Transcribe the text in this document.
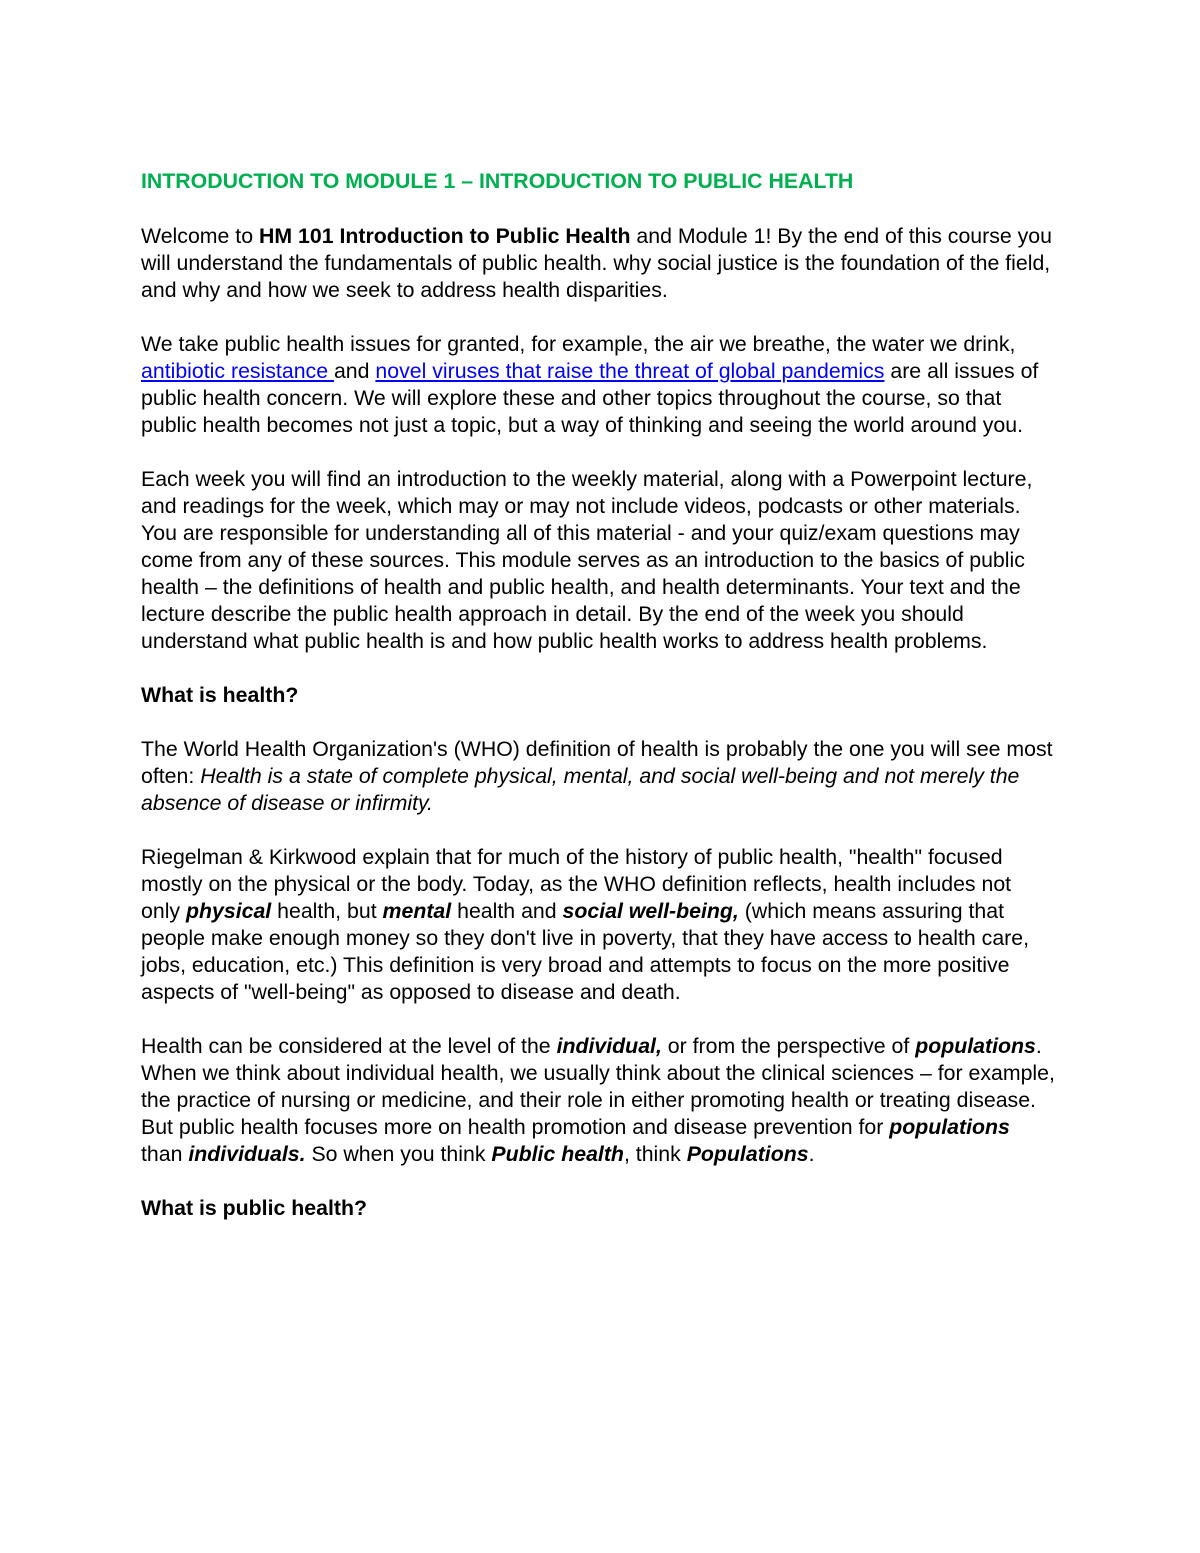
INTRODUCTION TO MODULE 1 – INTRODUCTION TO PUBLIC HEALTH

Welcome to HM 101 Introduction to Public Health and Module 1! By the end of this course you will understand the fundamentals of public health. why social justice is the foundation of the field, and why and how we seek to address health disparities.

We take public health issues for granted, for example, the air we breathe, the water we drink, antibiotic resistance and novel viruses that raise the threat of global pandemics are all issues of public health concern. We will explore these and other topics throughout the course, so that public health becomes not just a topic, but a way of thinking and seeing the world around you.

Each week you will find an introduction to the weekly material, along with a Powerpoint lecture, and readings for the week, which may or may not include videos, podcasts or other materials. You are responsible for understanding all of this material - and your quiz/exam questions may come from any of these sources. This module serves as an introduction to the basics of public health – the definitions of health and public health, and health determinants. Your text and the lecture describe the public health approach in detail. By the end of the week you should understand what public health is and how public health works to address health problems.

What is health?

The World Health Organization's (WHO) definition of health is probably the one you will see most often: Health is a state of complete physical, mental, and social well-being and not merely the absence of disease or infirmity.

Riegelman & Kirkwood explain that for much of the history of public health, "health" focused mostly on the physical or the body. Today, as the WHO definition reflects, health includes not only physical health, but mental health and social well-being, (which means assuring that people make enough money so they don't live in poverty, that they have access to health care, jobs, education, etc.) This definition is very broad and attempts to focus on the more positive aspects of "well-being" as opposed to disease and death.

Health can be considered at the level of the individual, or from the perspective of populations. When we think about individual health, we usually think about the clinical sciences – for example, the practice of nursing or medicine, and their role in either promoting health or treating disease. But public health focuses more on health promotion and disease prevention for populations than individuals. So when you think Public health, think Populations.

What is public health?
